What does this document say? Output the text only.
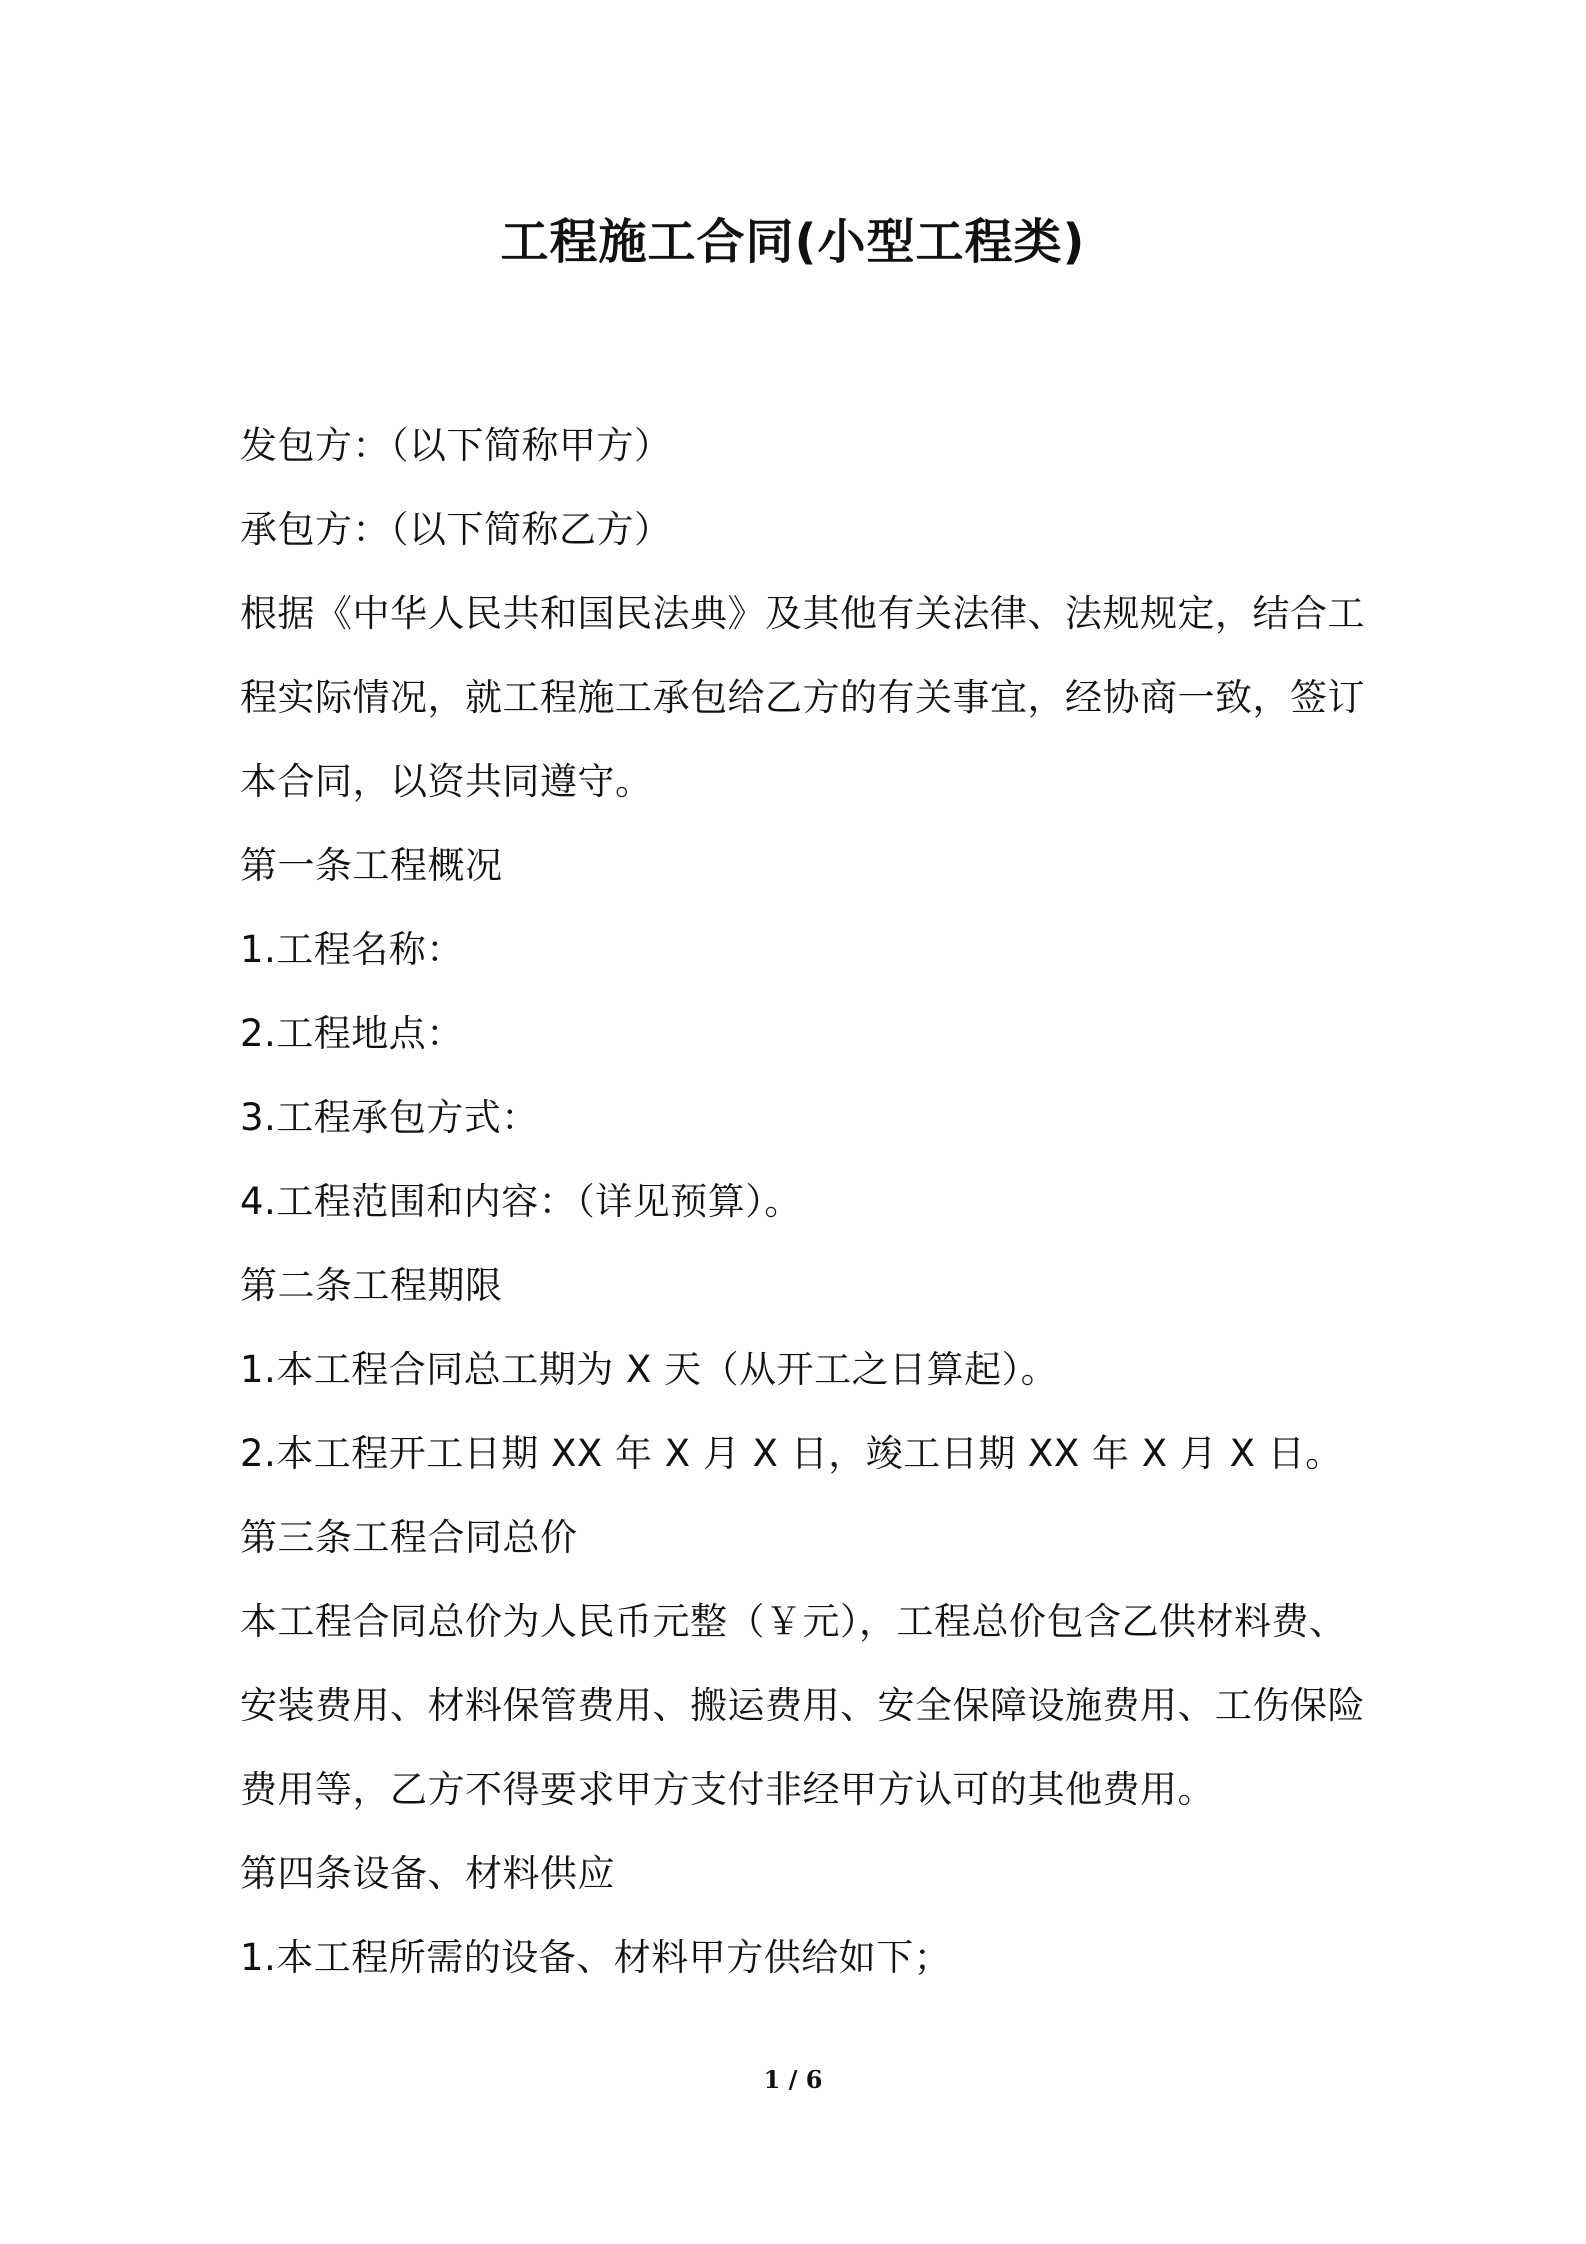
工程施工合同(小型工程类)
发包方：（以下简称甲方）
承包方：（以下简称乙方）
根据《中华人民共和国民法典》及其他有关法律、法规规定，结合工
程实际情况，就工程施工承包给乙方的有关事宜，经协商一致，签订
本合同，以资共同遵守。
第一条工程概况
1.工程名称：
2.工程地点：
3.工程承包方式：
4.工程范围和内容：（详见预算）。
第二条工程期限
1.本工程合同总工期为 X 天（从开工之日算起）。
2.本工程开工日期 XX 年 X 月 X 日，竣工日期 XX 年 X 月 X 日。
第三条工程合同总价
本工程合同总价为人民币元整（￥元），工程总价包含乙供材料费、
安装费用、材料保管费用、搬运费用、安全保障设施费用、工伤保险
费用等，乙方不得要求甲方支付非经甲方认可的其他费用。
第四条设备、材料供应
1.本工程所需的设备、材料甲方供给如下；
1 / 6
